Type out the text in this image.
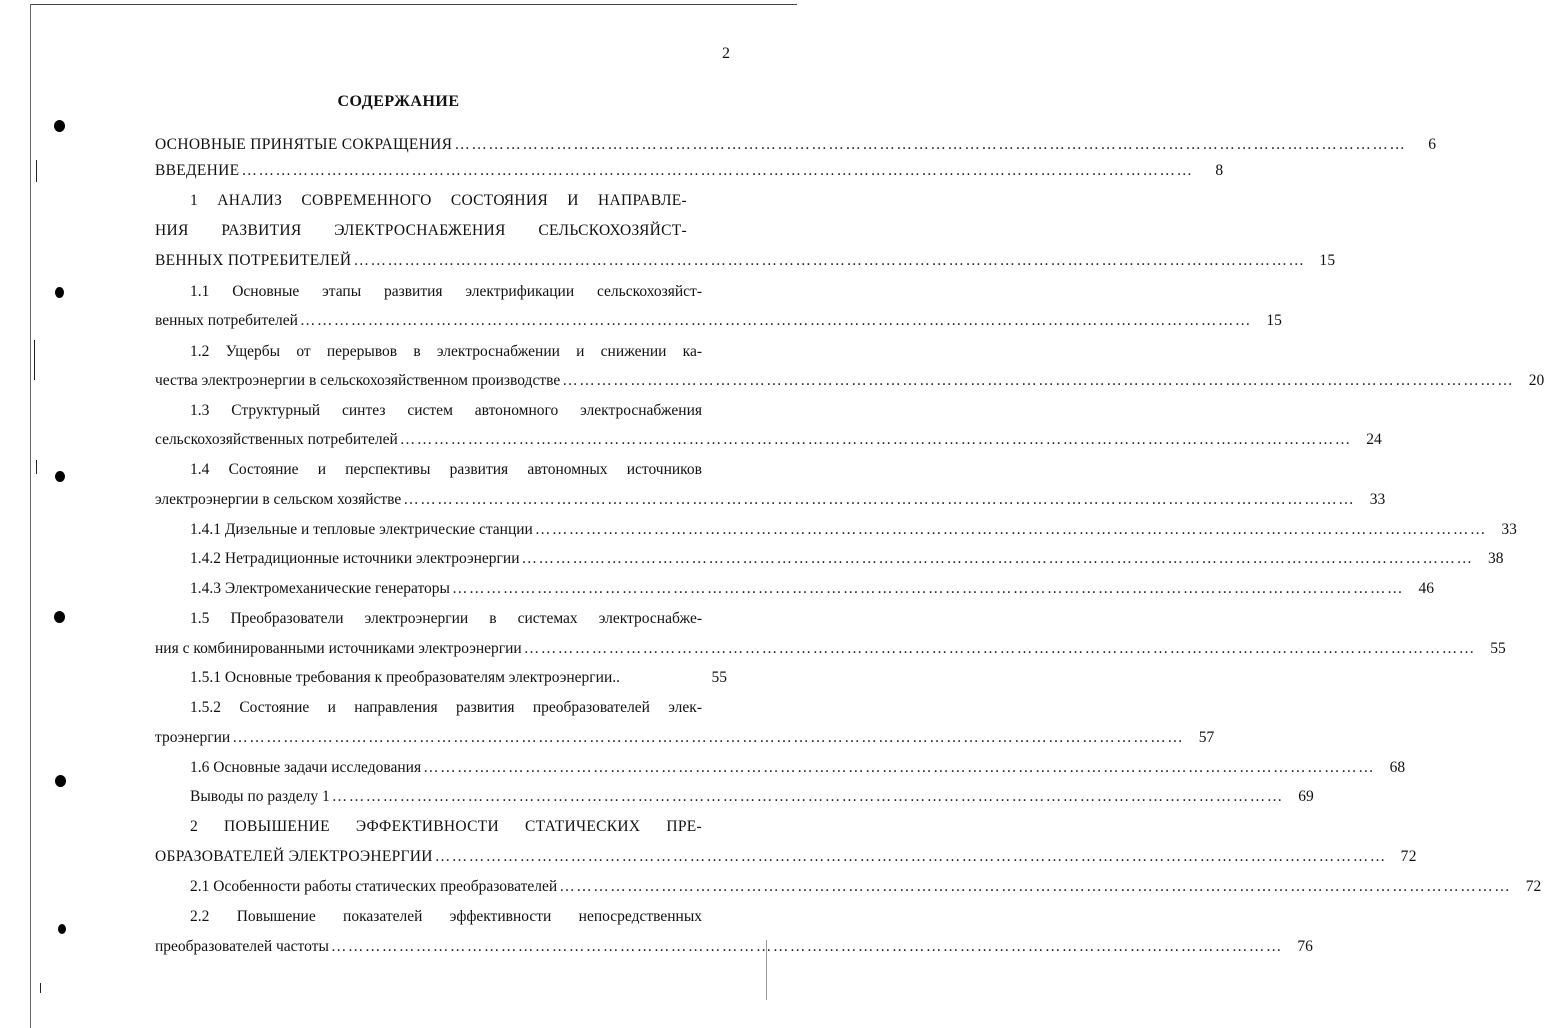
2
СОДЕРЖАНИЕ
ОСНОВНЫЕ ПРИНЯТЫЕ СОКРАЩЕНИЯ ……………………………………………………………………………………………………………………………………………………	6
ВВЕДЕНИЕ ……………………………………………………………………………………………………………………………………………………	8
1 АНАЛИЗ СОВРЕМЕННОГО СОСТОЯНИЯ И НАПРАВЛЕ-
НИЯ РАЗВИТИЯ ЭЛЕКТРОСНАБЖЕНИЯ СЕЛЬСКОХОЗЯЙСТ-
ВЕННЫХ ПОТРЕБИТЕЛЕЙ …………………………………………………………………………………………………………………………………………………… 15
1.1 Основные этапы развития электрификации сельскохозяйст-
венных потребителей …………………………………………………………………………………………………………………………………………………… 15
1.2 Ущербы от перерывов в электроснабжении и снижении ка-
чества электроэнергии в сельскохозяйственном производстве …………………………………………………………………………………………………………………………………………………… 20
1.3 Структурный синтез систем автономного электроснабжения
сельскохозяйственных потребителей …………………………………………………………………………………………………………………………………………………… 24
1.4 Состояние и перспективы развития автономных источников
электроэнергии в сельском хозяйстве …………………………………………………………………………………………………………………………………………………… 33
1.4.1 Дизельные и тепловые электрические станции …………………………………………………………………………………………………………………………………………………… 33
1.4.2 Нетрадиционные источники электроэнергии …………………………………………………………………………………………………………………………………………………… 38
1.4.3 Электромеханические генераторы …………………………………………………………………………………………………………………………………………………… 46
1.5 Преобразователи электроэнергии в системах электроснабже-
ния с комбинированными источниками электроэнергии …………………………………………………………………………………………………………………………………………………… 55
1.5.1 Основные требования к преобразователям электроэнергии..	55
1.5.2 Состояние и направления развития преобразователей элек-
троэнергии …………………………………………………………………………………………………………………………………………………… 57
1.6 Основные задачи исследования …………………………………………………………………………………………………………………………………………………… 68
Выводы по разделу 1 …………………………………………………………………………………………………………………………………………………… 69
2 ПОВЫШЕНИЕ ЭФФЕКТИВНОСТИ СТАТИЧЕСКИХ ПРЕ-
ОБРАЗОВАТЕЛЕЙ ЭЛЕКТРОЭНЕРГИИ …………………………………………………………………………………………………………………………………………………… 72
2.1 Особенности работы статических преобразователей …………………………………………………………………………………………………………………………………………………… 72
2.2 Повышение показателей эффективности непосредственных
преобразователей частоты …………………………………………………………………………………………………………………………………………………… 76
